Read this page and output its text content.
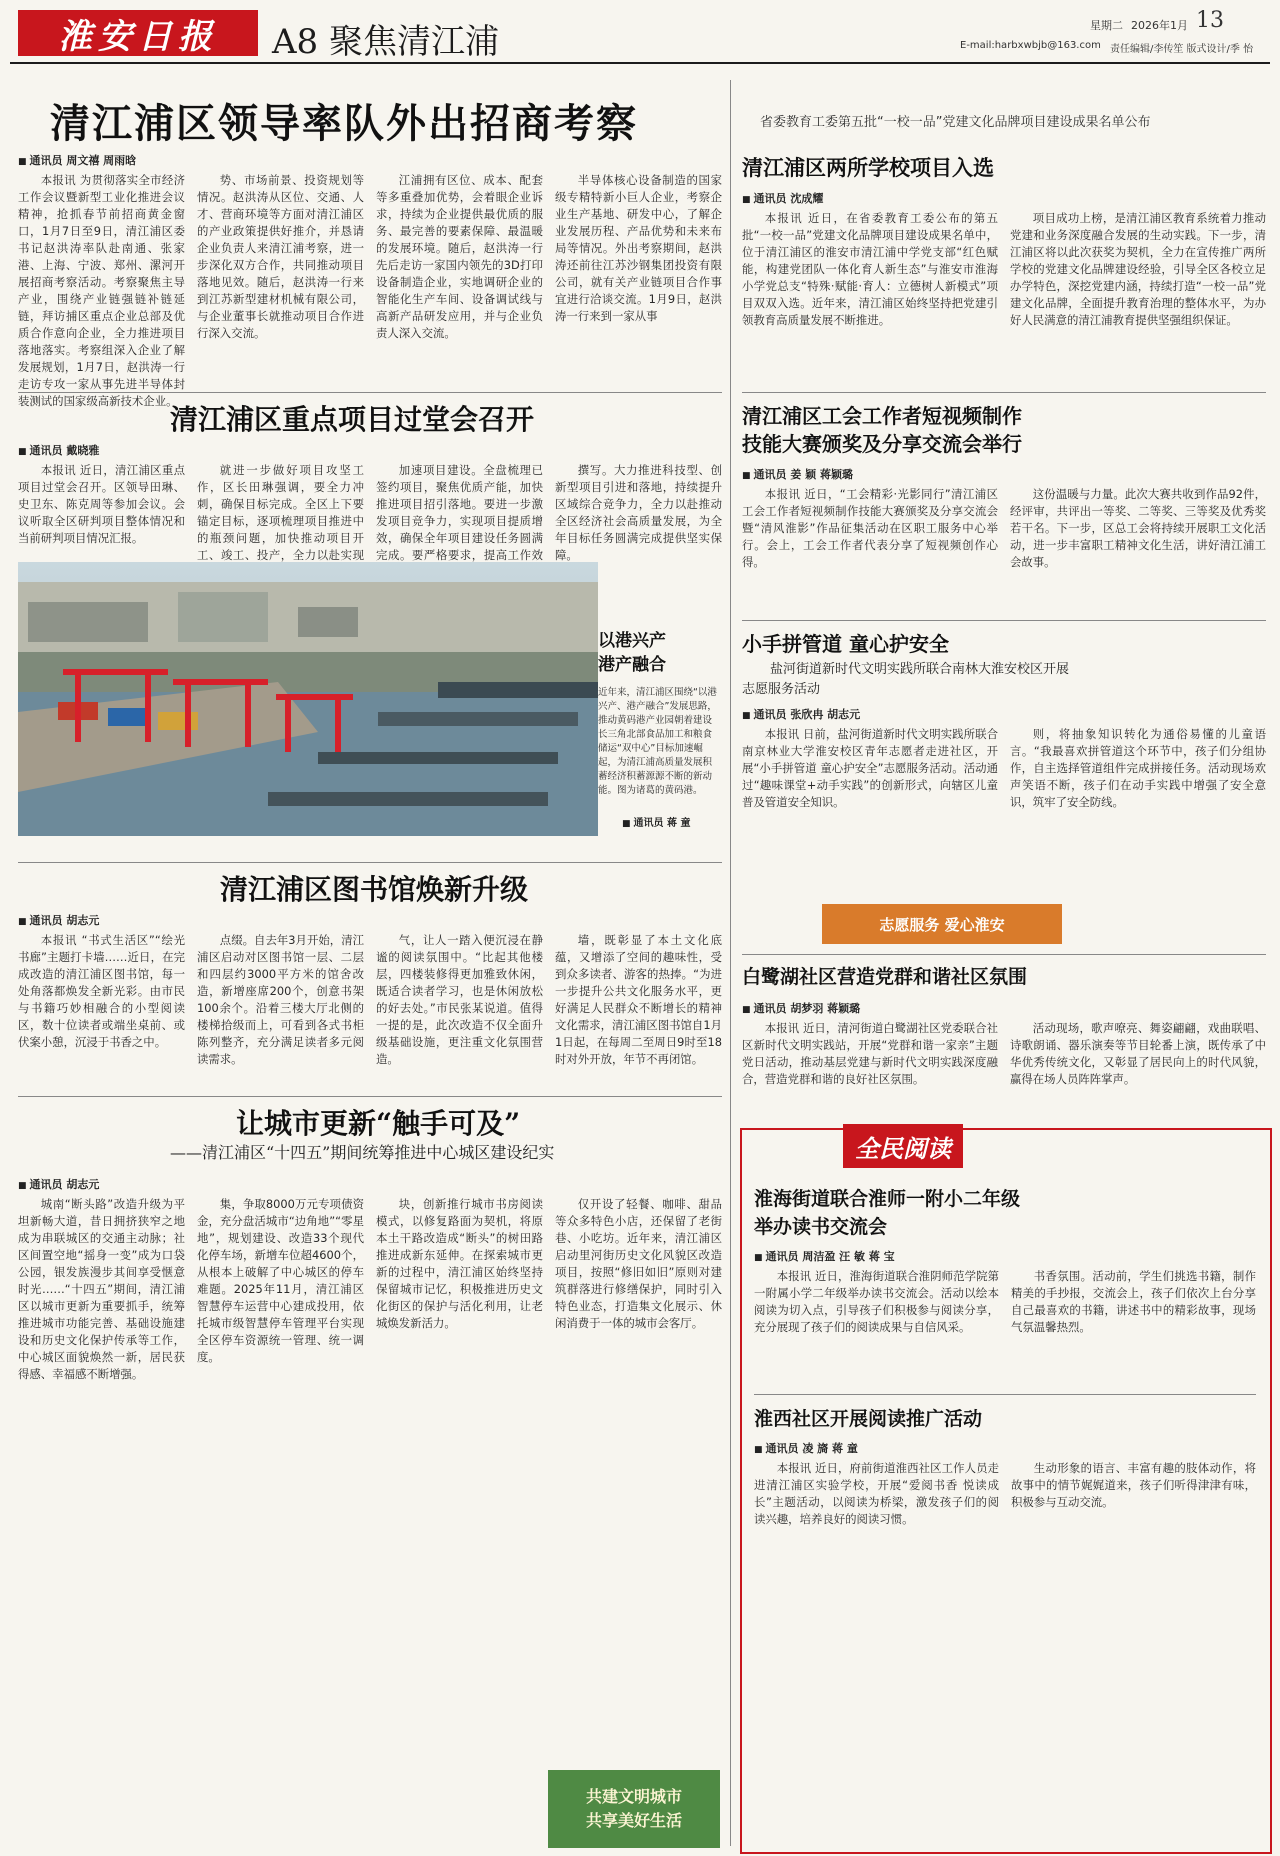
淮安日报 A8 聚焦清江浦	星期二 2026年1月 13
E-mail:harbxwbjb@163.com 责任编辑/李传笙 版式设计/季 怡
清江浦区领导率队外出招商考察
■ 通讯员 周文禧 周雨晗

本报讯 为贯彻落实全市经济工作会议暨新型工业化推进会议精神，抢抓春节前招商黄金窗口，1月7日至9日，清江浦区委书记赵洪涛率队赴南通、张家港、上海、宁波、郑州、漯河开展招商考察活动。考察聚焦主导产业，围绕产业链强链补链延链，拜访捕区重点企业总部及优质合作意向企业，全力推进项目落地落实。考察组深入企业了解发展规划，1月7日，赵洪涛一行走访专攻一家从事先进半导体封装测试的国家级高新技术企业。

势、市场前景、投资规划等情况。赵洪涛从区位、交通、人才、营商环境等方面对清江浦区的产业政策提供好推介，并恳请企业负责人来清江浦考察，进一步深化双方合作，共同推动项目落地见效。随后，赵洪涛一行来到江苏新型建材机械有限公司，与企业董事长就推动项目合作进行深入交流。

江浦拥有区位、成本、配套等多重叠加优势，会着眼企业诉求，持续为企业提供最优质的服务、最完善的要素保障、最温暖的发展环境。随后，赵洪涛一行先后走访一家国内领先的3D打印设备制造企业，实地调研企业的智能化生产车间、设备调试线与高新产品研发应用，并与企业负责人深入交流。

半导体核心设备制造的国家级专精特新小巨人企业，考察企业生产基地、研发中心，了解企业发展历程、产品优势和未来布局等情况。外出考察期间，赵洪涛还前往江苏沙钢集团投资有限公司，就有关产业链项目合作事宜进行洽谈交流。1月9日，赵洪涛一行来到一家从事

省委教育工委第五批“一校一品”党建文化品牌项目建设成果名单公布
清江浦区两所学校项目入选
■ 通讯员 沈成耀

本报讯 近日，在省委教育工委公布的第五批“一校一品”党建文化品牌项目建设成果名单中，位于清江浦区的淮安市清江浦中学党支部“红色赋能，构建党团队一体化育人新生态”与淮安市淮海小学党总支“特殊·赋能·育人：立德树人新模式”项目双双入选。近年来，清江浦区始终坚持把党建引领教育高质量发展不断推进。

项目成功上榜，是清江浦区教育系统着力推动党建和业务深度融合发展的生动实践。下一步，清江浦区将以此次获奖为契机，全力在宣传推广两所学校的党建文化品牌建设经验，引导全区各校立足办学特色，深挖党建内涵，持续打造“一校一品”党建文化品牌，全面提升教育治理的整体水平，为办好人民满意的清江浦教育提供坚强组织保证。

清江浦区重点项目过堂会召开
■ 通讯员 戴晓雅

本报讯 近日，清江浦区重点项目过堂会召开。区领导田琳、史卫东、陈克周等参加会议。会议听取全区研判项目整体情况和当前研判项目情况汇报。

就进一步做好项目攻坚工作，区长田琳强调，要全力冲刺，确保目标完成。全区上下要锚定目标，逐项梳理项目推进中的瓶颈问题，加快推动项目开工、竣工、投产，全力以赴实现

加速项目建设。全盘梳理已签约项目，聚焦优质产能，加快推进项目招引落地。要进一步激发项目竞争力，实现项目提质增效，确保全年项目建设任务圆满完成。要严格要求，提高工作效

撰写。大力推进科技型、创新型项目引进和落地，持续提升区域综合竞争力，全力以赴推动全区经济社会高质量发展，为全年目标任务圆满完成提供坚实保障。

清江浦区工会工作者短视频制作
技能大赛颁奖及分享交流会举行
■ 通讯员 姜 颖 蒋颖璐

本报讯 近日，“工会精彩·光影同行”清江浦区工会工作者短视频制作技能大赛颁奖及分享交流会暨“清风淮影”作品征集活动在区职工服务中心举行。会上，工会工作者代表分享了短视频创作心得。

这份温暖与力量。此次大赛共收到作品92件，经评审，共评出一等奖、二等奖、三等奖及优秀奖若干名。下一步，区总工会将持续开展职工文化活动，进一步丰富职工精神文化生活，讲好清江浦工会故事。

以港兴产
港产融合
近年来，清江浦区围绕“以港兴产、港产融合”发展思路，推动黄码港产业园朝着建设长三角北部食品加工和粮食储运“双中心”目标加速崛起，为清江浦高质量发展积蓄经济积蓄源源不断的新动能。图为诸葛的黄码港。
■ 通讯员 蒋 童
小手拼管道 童心护安全
盐河街道新时代文明实践所联合南林大淮安校区开展
志愿服务活动
■ 通讯员 张欣冉 胡志元

本报讯 日前，盐河街道新时代文明实践所联合南京林业大学淮安校区青年志愿者走进社区，开展“小手拼管道 童心护安全”志愿服务活动。活动通过“趣味课堂+动手实践”的创新形式，向辖区儿童普及管道安全知识。

则，将抽象知识转化为通俗易懂的儿童语言。“我最喜欢拼管道这个环节中，孩子们分组协作，自主选择管道组件完成拼接任务。活动现场欢声笑语不断，孩子们在动手实践中增强了安全意识，筑牢了安全防线。

志愿服务 爱心淮安
清江浦区图书馆焕新升级
■ 通讯员 胡志元

本报讯 “书式生活区”“绘光书廊”主题打卡墙……近日，在完成改造的清江浦区图书馆，每一处角落都焕发全新光彩。由市民与书籍巧妙相融合的小型阅读区，数十位读者或端坐桌前、或伏案小憩，沉浸于书香之中。

点缀。自去年3月开始，清江浦区启动对区图书馆一层、二层和四层约3000平方米的馆舍改造，新增座席200个，创意书架100余个。沿着三楼大厅北侧的楼梯拾级而上，可看到各式书柜陈列整齐，充分满足读者多元阅读需求。

气，让人一踏入便沉浸在静谧的阅读氛围中。“比起其他楼层，四楼装修得更加雅致休闲，既适合读者学习，也是休闲放松的好去处。”市民张某说道。值得一提的是，此次改造不仅全面升级基础设施，更注重文化氛围营造。

墙，既彰显了本土文化底蕴，又增添了空间的趣味性，受到众多读者、游客的热捧。“为进一步提升公共文化服务水平，更好满足人民群众不断增长的精神文化需求，清江浦区图书馆自1月1日起，在每周二至周日9时至18时对外开放，年节不再闭馆。

白鹭湖社区营造党群和谐社区氛围
■ 通讯员 胡梦羽 蒋颖璐

本报讯 近日，清河街道白鹭湖社区党委联合社区新时代文明实践站，开展“党群和谐一家亲”主题党日活动，推动基层党建与新时代文明实践深度融合，营造党群和谐的良好社区氛围。

活动现场，歌声嘹亮、舞姿翩翩，戏曲联唱、诗歌朗诵、器乐演奏等节目轮番上演，既传承了中华优秀传统文化，又彰显了居民向上的时代风貌，赢得在场人员阵阵掌声。

让城市更新“触手可及”
——清江浦区“十四五”期间统筹推进中心城区建设纪实
■ 通讯员 胡志元

城南“断头路”改造升级为平坦新畅大道，昔日拥挤狭窄之地成为串联城区的交通主动脉；社区间置空地“摇身一变”成为口袋公园，银发族漫步其间享受惬意时光……“十四五”期间，清江浦区以城市更新为重要抓手，统筹推进城市功能完善、基础设施建设和历史文化保护传承等工作，中心城区面貌焕然一新，居民获得感、幸福感不断增强。

集，争取8000万元专项债资金，充分盘活城市“边角地”“零星地”，规划建设、改造33个现代化停车场，新增车位超4600个，从根本上破解了中心城区的停车难题。2025年11月，清江浦区智慧停车运营中心建成投用，依托城市级智慧停车管理平台实现全区停车资源统一管理、统一调度。

块，创新推行城市书房阅读模式，以修复路面为契机，将原本土干路改造成“断头”的树田路推进成新东延伸。在探索城市更新的过程中，清江浦区始终坚持保留城市记忆，积极推进历史文化街区的保护与活化利用，让老城焕发新活力。

仅开设了轻餐、咖啡、甜品等众多特色小店，还保留了老街巷、小吃坊。近年来，清江浦区启动里河街历史文化风貌区改造项目，按照“修旧如旧”原则对建筑群落进行修缮保护，同时引入特色业态，打造集文化展示、休闲消费于一体的城市会客厅。

共建文明城市
共享美好生活
全民阅读
淮海街道联合淮师一附小二年级
举办读书交流会
■ 通讯员 周洁盈 汪 敏 蒋 宝

本报讯 近日，淮海街道联合淮阴师范学院第一附属小学二年级举办读书交流会。活动以绘本阅读为切入点，引导孩子们积极参与阅读分享，充分展现了孩子们的阅读成果与自信风采。

书香氛围。活动前，学生们挑选书籍，制作精美的手抄报，交流会上，孩子们依次上台分享自己最喜欢的书籍，讲述书中的精彩故事，现场气氛温馨热烈。

淮西社区开展阅读推广活动
■ 通讯员 凌 旖 蒋 童

本报讯 近日，府前街道淮西社区工作人员走进清江浦区实验学校，开展“爱阅书香 悦读成长”主题活动，以阅读为桥梁，激发孩子们的阅读兴趣，培养良好的阅读习惯。

生动形象的语言、丰富有趣的肢体动作，将故事中的情节娓娓道来，孩子们听得津津有味，积极参与互动交流。
